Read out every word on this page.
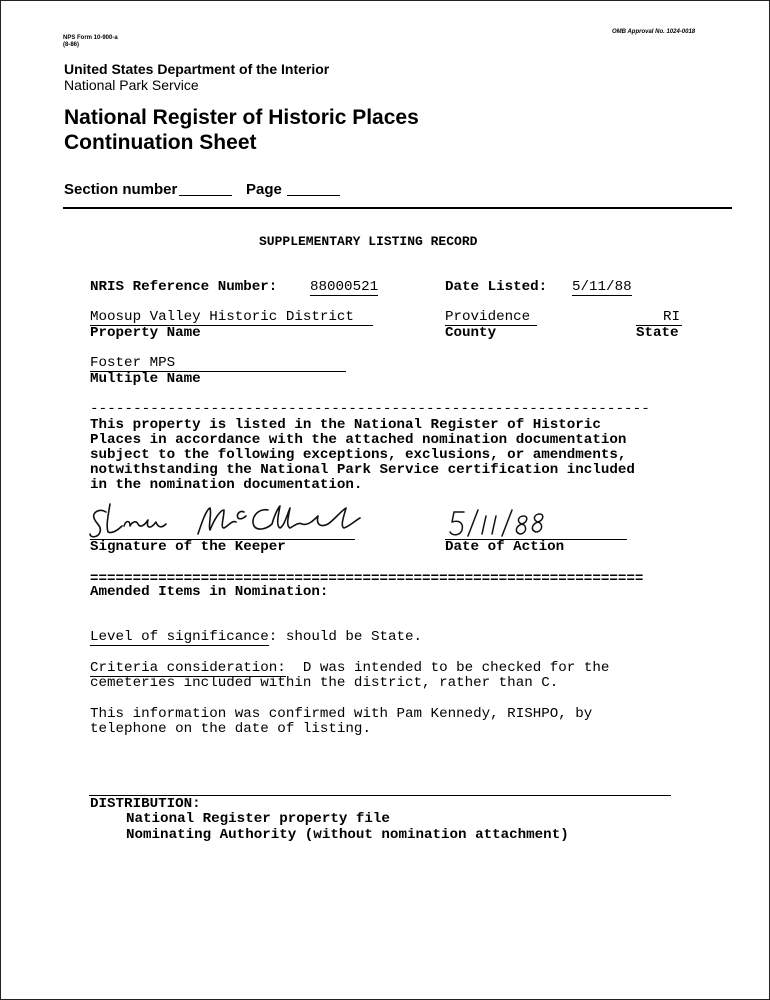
NPS Form 10-900-a
(8-86)
OMB Approval No. 1024-0018
United States Department of the Interior
National Park Service
National Register of Historic Places
Continuation Sheet
Section number	Page
SUPPLEMENTARY LISTING RECORD
NRIS Reference Number: 88000521	Date Listed: 5/11/88
Moosup Valley Historic District
Property Name
Providence
County
RI
State
Foster MPS
Multiple Name
-----------------------------------------------------------------
This property is listed in the National Register of Historic
Places in accordance with the attached nomination documentation
subject to the following exceptions, exclusions, or amendments,
notwithstanding the National Park Service certification included
in the nomination documentation.
Signature of the Keeper	Date of Action
=================================================================
Amended Items in Nomination:
Level of significance: should be State.
Criteria consideration:  D was intended to be checked for the
cemeteries included within the district, rather than C.
This information was confirmed with Pam Kennedy, RISHPO, by
telephone on the date of listing.
DISTRIBUTION:
National Register property file
Nominating Authority (without nomination attachment)
